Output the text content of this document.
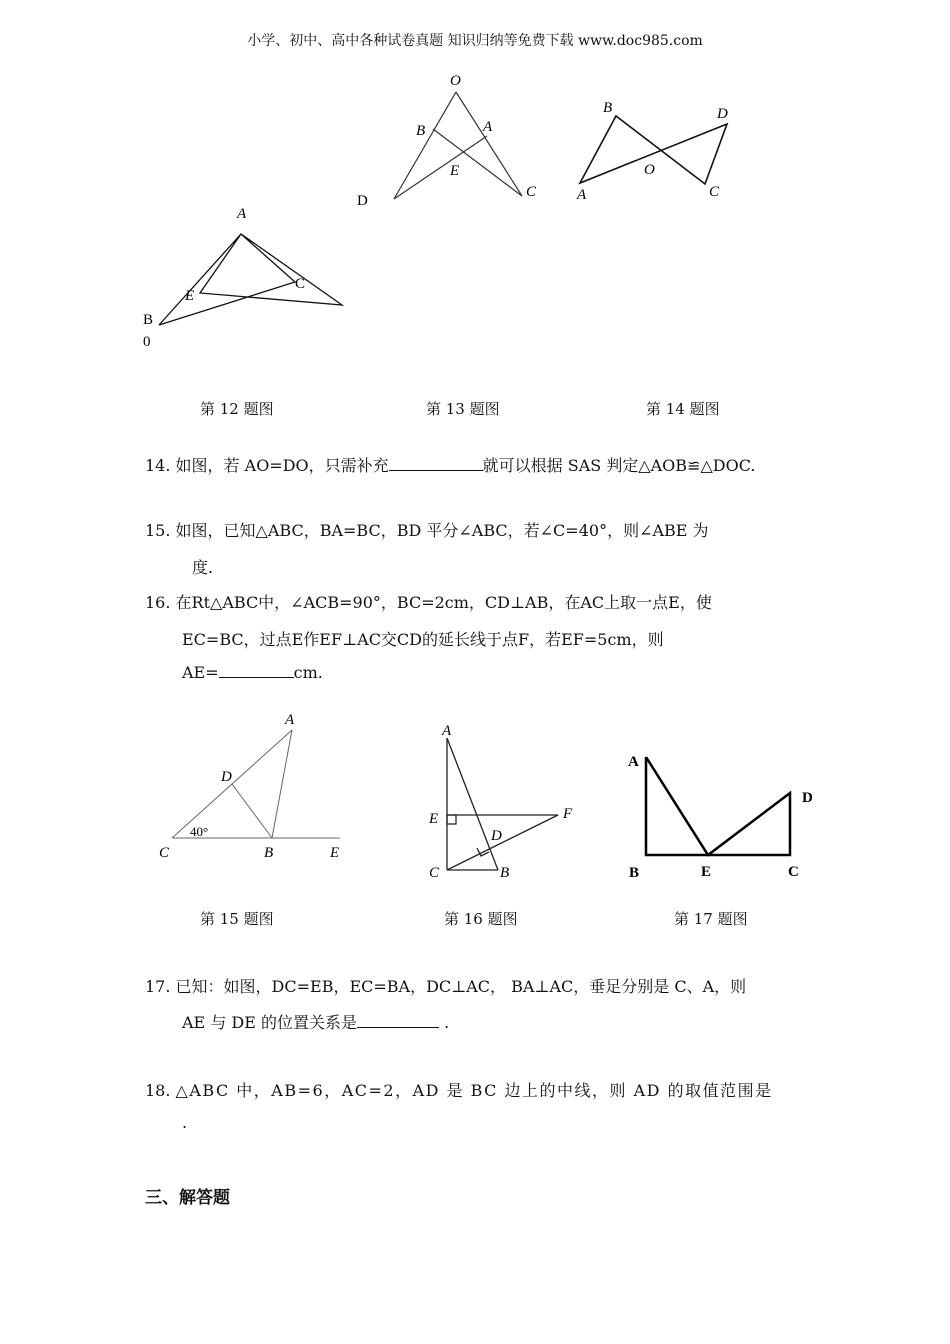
小学、初中、高中各种试卷真题 知识归纳等免费下载 www.doc985.com
A
E
C
B
0
O
B	A
E
D
C
B	D
O
A	C
A
D
40°
C	B	E
A
E	F
D
C	B
A
D
B	E	C
第 12 题图	第 13 题图	第 14 题图
14. 如图，若 AO=DO，只需补充	就可以根据 SAS 判定△AOB≌△DOC.
15. 如图，已知△ABC，BA=BC，BD 平分∠ABC，若∠C=40°，则∠ABE 为
度.
16. 在Rt△ABC中，∠ACB=90°，BC=2cm，CD⊥AB，在AC上取一点E，使
EC=BC，过点E作EF⊥AC交CD的延长线于点F，若EF=5cm，则
AE=	cm.
第 15 题图	第 16 题图	第 17 题图
17. 已知：如图，DC=EB，EC=BA，DC⊥AC， BA⊥AC，垂足分别是 C、A，则
AE 与 DE 的位置关系是	.
18. △ABC 中，AB=6，AC=2，AD 是 BC 边上的中线，则 AD 的取值范围是
.
三、解答题
